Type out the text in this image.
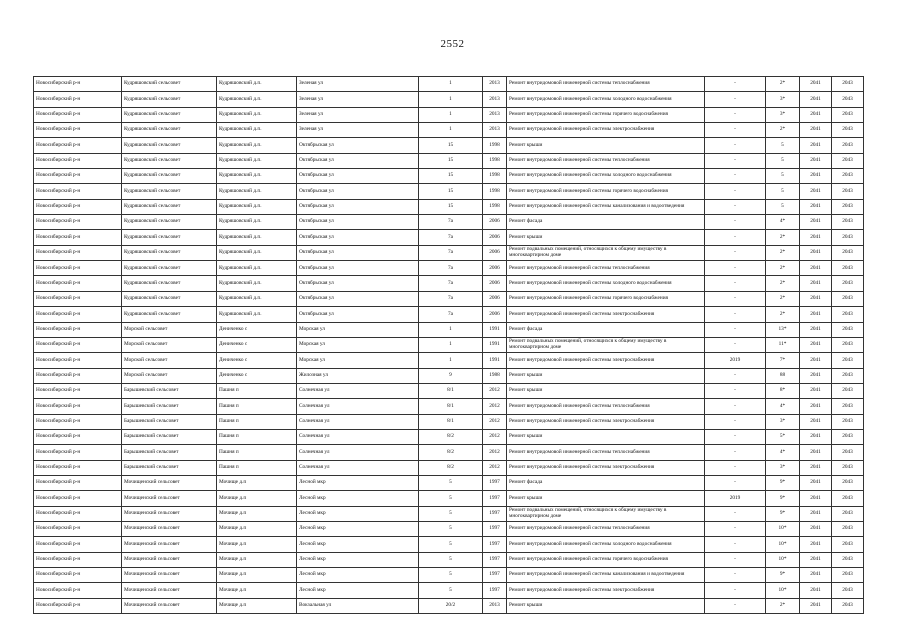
2552
Новосибирский р-н	Кудряшовский сельсовет	Кудряшовский д.п.	Зеленая ул	1	2013	Ремонт внутридомовой инженерной системы теплоснабжения	-	2*	2041	2043
Новосибирский р-н	Кудряшовский сельсовет	Кудряшовский д.п.	Зеленая ул	1	2013	Ремонт внутридомовой инженерной системы холодного водоснабжения	-	3*	2041	2043
Новосибирский р-н	Кудряшовский сельсовет	Кудряшовский д.п.	Зеленая ул	1	2013	Ремонт внутридомовой инженерной системы горячего водоснабжения	-	3*	2041	2043
Новосибирский р-н	Кудряшовский сельсовет	Кудряшовский д.п.	Зеленая ул	1	2013	Ремонт внутридомовой инженерной системы электроснабжения	-	2*	2041	2043
Новосибирский р-н	Кудряшовский сельсовет	Кудряшовский д.п.	Октябрьская ул	15	1998	Ремонт крыши	-	5	2041	2043
Новосибирский р-н	Кудряшовский сельсовет	Кудряшовский д.п.	Октябрьская ул	15	1998	Ремонт внутридомовой инженерной системы теплоснабжения	-	5	2041	2043
Новосибирский р-н	Кудряшовский сельсовет	Кудряшовский д.п.	Октябрьская ул	15	1998	Ремонт внутридомовой инженерной системы холодного водоснабжения	-	5	2041	2043
Новосибирский р-н	Кудряшовский сельсовет	Кудряшовский д.п.	Октябрьская ул	15	1998	Ремонт внутридомовой инженерной системы горячего водоснабжения	-	5	2041	2043
Новосибирский р-н	Кудряшовский сельсовет	Кудряшовский д.п.	Октябрьская ул	15	1998	Ремонт внутридомовой инженерной системы канализования и водоотведения	-	5	2041	2043
Новосибирский р-н	Кудряшовский сельсовет	Кудряшовский д.п.	Октябрьская ул	7а	2006	Ремонт фасада	-	4*	2041	2043
Новосибирский р-н	Кудряшовский сельсовет	Кудряшовский д.п.	Октябрьская ул	7а	2006	Ремонт крыши	-	2*	2041	2043
Новосибирский р-н	Кудряшовский сельсовет	Кудряшовский д.п.	Октябрьская ул	7а	2006	Ремонт подвальных помещений, относящихся к общему имуществу в многоквартирном доме	-	2*	2041	2043
Новосибирский р-н	Кудряшовский сельсовет	Кудряшовский д.п.	Октябрьская ул	7а	2006	Ремонт внутридомовой инженерной системы теплоснабжения	-	2*	2041	2043
Новосибирский р-н	Кудряшовский сельсовет	Кудряшовский д.п.	Октябрьская ул	7а	2006	Ремонт внутридомовой инженерной системы холодного водоснабжения	-	2*	2041	2043
Новосибирский р-н	Кудряшовский сельсовет	Кудряшовский д.п.	Октябрьская ул	7а	2006	Ремонт внутридомовой инженерной системы горячего водоснабжения	-	2*	2041	2043
Новосибирский р-н	Кудряшовский сельсовет	Кудряшовский д.п.	Октябрьская ул	7а	2006	Ремонт внутридомовой инженерной системы электроснабжения	-	2*	2041	2043
Новосибирский р-н	Морской сельсовет	Дениченко с	Морская ул	1	1991	Ремонт фасада	-	13*	2041	2043
Новосибирский р-н	Морской сельсовет	Дениченко с	Морская ул	1	1991	Ремонт подвальных помещений, относящихся к общему имуществу в многоквартирном доме	-	11*	2041	2043
Новосибирский р-н	Морской сельсовет	Дениченко с	Морская ул	1	1991	Ремонт внутридомовой инженерной системы электроснабжения	2019	7*	2041	2043
Новосибирский р-н	Морской сельсовет	Дениченко с	Жилозная ул	9	1988	Ремонт крыши	-	88	2041	2043
Новосибирский р-н	Барышевский сельсовет	Пашня п	Солнечная ул	8/1	2012	Ремонт крыши	-	8*	2041	2043
Новосибирский р-н	Барышевский сельсовет	Пашня п	Солнечная ул	8/1	2012	Ремонт внутридомовой инженерной системы теплоснабжения	-	4*	2041	2043
Новосибирский р-н	Барышевский сельсовет	Пашня п	Солнечная ул	8/1	2012	Ремонт внутридомовой инженерной системы электроснабжения	-	3*	2041	2043
Новосибирский р-н	Барышевский сельсовет	Пашня п	Солнечная ул	8/2	2012	Ремонт крыши	-	5*	2041	2043
Новосибирский р-н	Барышевский сельсовет	Пашня п	Солнечная ул	8/2	2012	Ремонт внутридомовой инженерной системы теплоснабжения	-	4*	2041	2043
Новосибирский р-н	Барышевский сельсовет	Пашня п	Солнечная ул	8/2	2012	Ремонт внутридомовой инженерной системы электроснабжения	-	3*	2041	2043
Новосибирский р-н	Мочищенский сельсовет	Мочище д.п	Лесной мкр	5	1997	Ремонт фасада	-	9*	2041	2043
Новосибирский р-н	Мочищенский сельсовет	Мочище д.п	Лесной мкр	5	1997	Ремонт крыши	2019	9*	2041	2043
Новосибирский р-н	Мочищенский сельсовет	Мочище д.п	Лесной мкр	5	1997	Ремонт подвальных помещений, относящихся к общему имуществу в многоквартирном доме	-	9*	2041	2043
Новосибирский р-н	Мочищенский сельсовет	Мочище д.п	Лесной мкр	5	1997	Ремонт внутридомовой инженерной системы теплоснабжения	-	10*	2041	2043
Новосибирский р-н	Мочищенский сельсовет	Мочище д.п	Лесной мкр	5	1997	Ремонт внутридомовой инженерной системы холодного водоснабжения	-	10*	2041	2043
Новосибирский р-н	Мочищенский сельсовет	Мочище д.п	Лесной мкр	5	1997	Ремонт внутридомовой инженерной системы горячего водоснабжения	-	10*	2041	2043
Новосибирский р-н	Мочищенский сельсовет	Мочище д.п	Лесной мкр	5	1997	Ремонт внутридомовой инженерной системы канализования и водоотведения	-	9*	2041	2043
Новосибирский р-н	Мочищенский сельсовет	Мочище д.п	Лесной мкр	5	1997	Ремонт внутридомовой инженерной системы электроснабжения	-	10*	2041	2043
Новосибирский р-н	Мочищенский сельсовет	Мочище д.п	Вокзальная ул	20/2	2013	Ремонт крыши	-	2*	2041	2043
